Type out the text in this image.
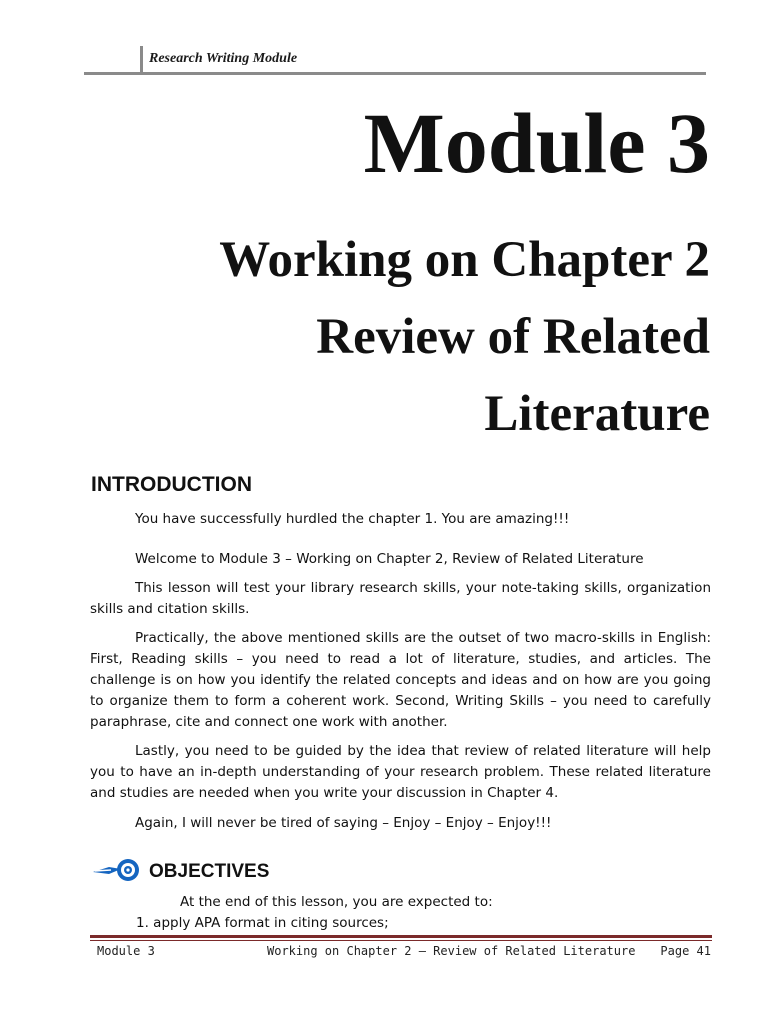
Research Writing Module
Module 3
Working on Chapter 2
Review of Related
Literature
INTRODUCTION
You have successfully hurdled the chapter 1. You are amazing!!!
Welcome to Module 3 – Working on Chapter 2, Review of Related Literature
This lesson will test your library research skills, your note-taking skills, organization skills and citation skills.
Practically, the above mentioned skills are the outset of two macro-skills in English: First, Reading skills – you need to read a lot of literature, studies, and articles. The challenge is on how you identify the related concepts and ideas and on how are you going to organize them to form a coherent work. Second, Writing Skills – you need to carefully paraphrase, cite and connect one work with another.
Lastly, you need to be guided by the idea that review of related literature will help you to have an in-depth understanding of your research problem. These related literature and studies are needed when you write your discussion in Chapter 4.
Again, I will never be tired of saying – Enjoy – Enjoy – Enjoy!!!
OBJECTIVES
At the end of this lesson, you are expected to:
1. apply APA format in citing sources;
Module 3	Working on Chapter 2 – Review of Related Literature Page 41
